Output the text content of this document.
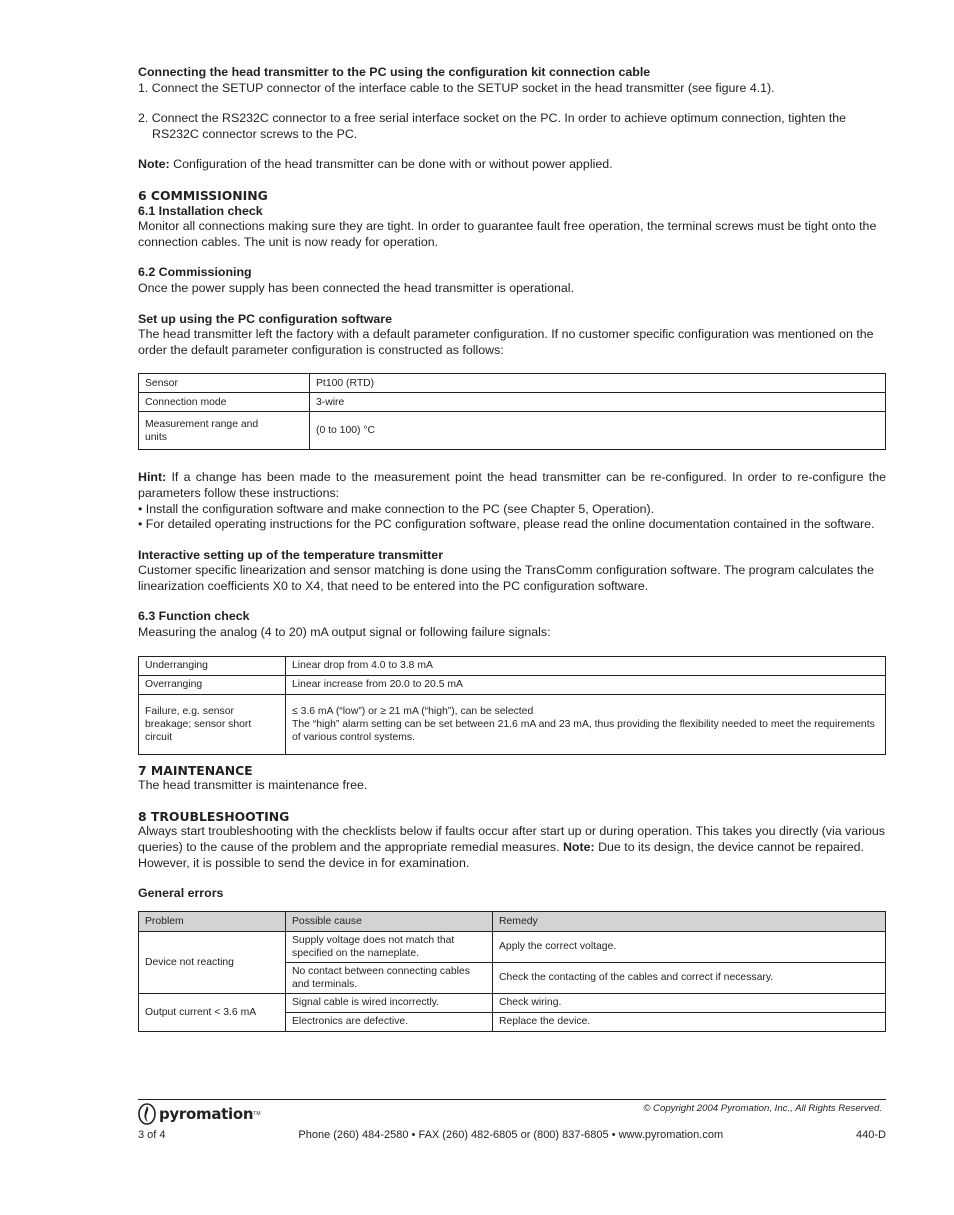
Connecting the head transmitter to the PC using the configuration kit connection cable

1. Connect the SETUP connector of the interface cable to the SETUP socket in the head transmitter (see figure 4.1).

2. Connect the RS232C connector to a free serial interface socket on the PC. In order to achieve optimum connection, tighten the RS232C connector screws to the PC.

Note: Configuration of the head transmitter can be done with or without power applied.

6 COMMISSIONING

6.1 Installation check

Monitor all connections making sure they are tight. In order to guarantee fault free operation, the terminal screws must be tight onto the connection cables. The unit is now ready for operation.

6.2 Commissioning

Once the power supply has been connected the head transmitter is operational.

Set up using the PC configuration software

The head transmitter left the factory with a default parameter configuration. If no customer specific configuration was mentioned on the order the default parameter configuration is constructed as follows:

Sensor	Pt100 (RTD)
Connection mode	3-wire
Measurement range and units	(0 to 100) °C

Hint: If a change has been made to the measurement point the head transmitter can be re-configured. In order to re-configure the parameters follow these instructions:

• Install the configuration software and make connection to the PC (see Chapter 5, Operation).

• For detailed operating instructions for the PC configuration software, please read the online documentation contained in the software.

Interactive setting up of the temperature transmitter

Customer specific linearization and sensor matching is done using the TransComm configuration software. The program calculates the linearization coefficients X0 to X4, that need to be entered into the PC configuration software.

6.3 Function check

Measuring the analog (4 to 20) mA output signal or following failure signals:

Underranging	Linear drop from 4.0 to 3.8 mA
Overranging	Linear increase from 20.0 to 20.5 mA
Failure, e.g. sensor breakage; sensor short circuit	≤ 3.6 mA (“low”) or ≥ 21 mA (“high”), can be selected
The “high” alarm setting can be set between 21.6 mA and 23 mA, thus providing the flexibility needed to meet the requirements of various control systems.

7 MAINTENANCE

The head transmitter is maintenance free.

8 TROUBLESHOOTING

Always start troubleshooting with the checklists below if faults occur after start up or during operation. This takes you directly (via various queries) to the cause of the problem and the appropriate remedial measures. Note: Due to its design, the device cannot be repaired. However, it is possible to send the device in for examination.

General errors

Problem	Possible cause	Remedy
Device not reacting	Supply voltage does not match that specified on the nameplate.	Apply the correct voltage.
	No contact between connecting cables and terminals.	Check the contacting of the cables and correct if necessary.
Output current < 3.6 mA	Signal cable is wired incorrectly.	Check wiring.
	Electronics are defective.	Replace the device.
pyromation TM	© Copyright 2004 Pyromation, Inc., All Rights Reserved.
3 of 4	Phone (260) 484-2580 • FAX (260) 482-6805 or (800) 837-6805 • www.pyromation.com	440-D
